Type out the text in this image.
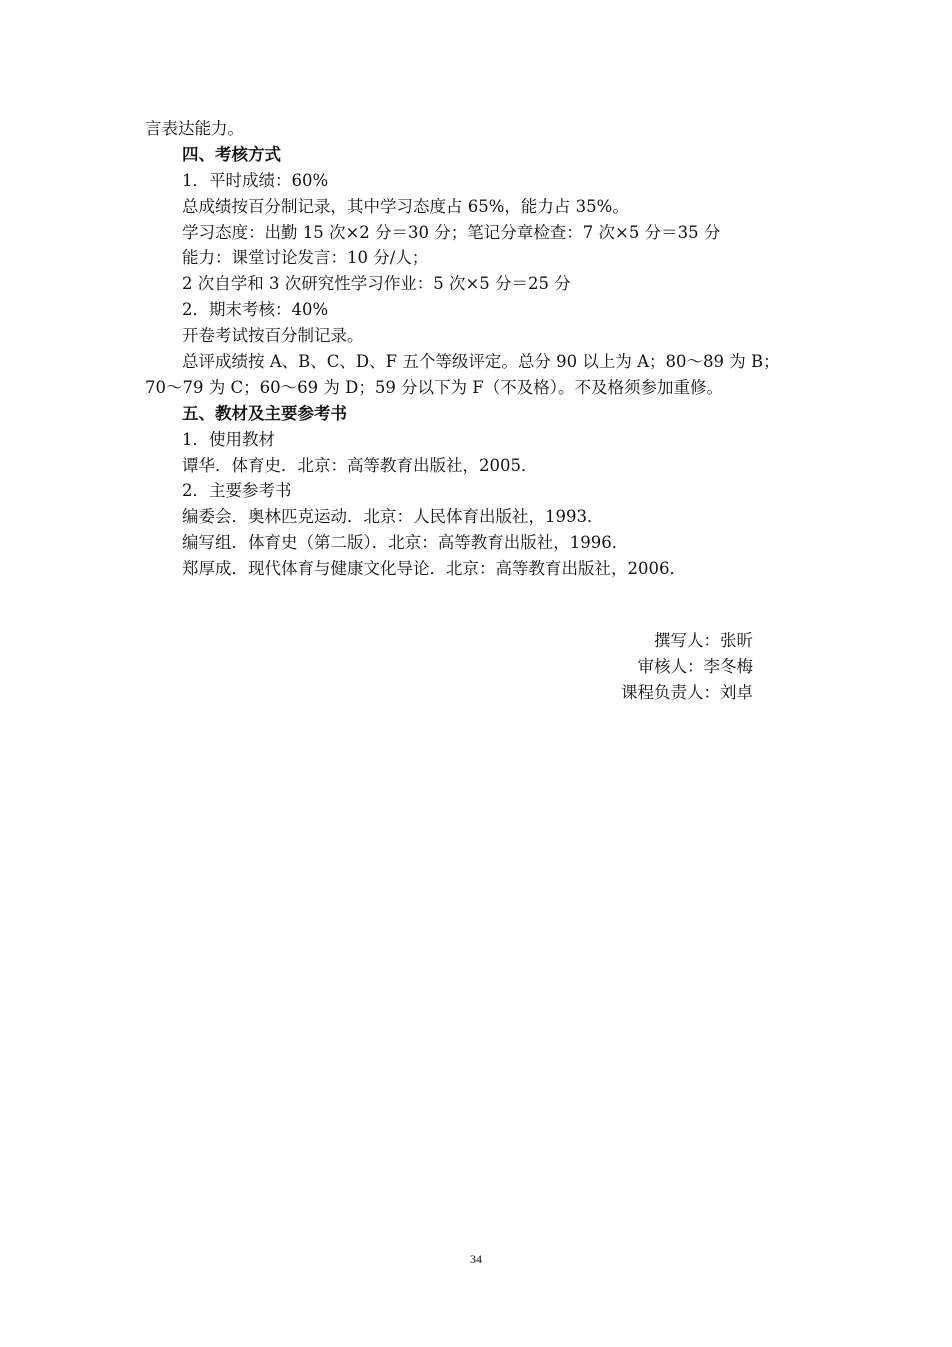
言表达能力。
四、考核方式
1．平时成绩：60%
总成绩按百分制记录，其中学习态度占 65%，能力占 35%。
学习态度：出勤 15 次×2 分＝30 分；笔记分章检查：7 次×5 分＝35 分
能力：课堂讨论发言：10 分/人；
2 次自学和 3 次研究性学习作业：5 次×5 分＝25 分
2．期末考核：40%
开卷考试按百分制记录。
总评成绩按 A、B、C、D、F 五个等级评定。总分 90 以上为 A；80～89 为 B；
70～79 为 C；60～69 为 D；59 分以下为 F（不及格）。不及格须参加重修。
五、教材及主要参考书
1．使用教材
谭华．体育史．北京：高等教育出版社，2005．
2．主要参考书
编委会．奥林匹克运动．北京：人民体育出版社，1993．
编写组．体育史（第二版）．北京：高等教育出版社，1996．
郑厚成．现代体育与健康文化导论．北京：高等教育出版社，2006．
撰写人：张昕
审核人：李冬梅
课程负责人：刘卓
34
